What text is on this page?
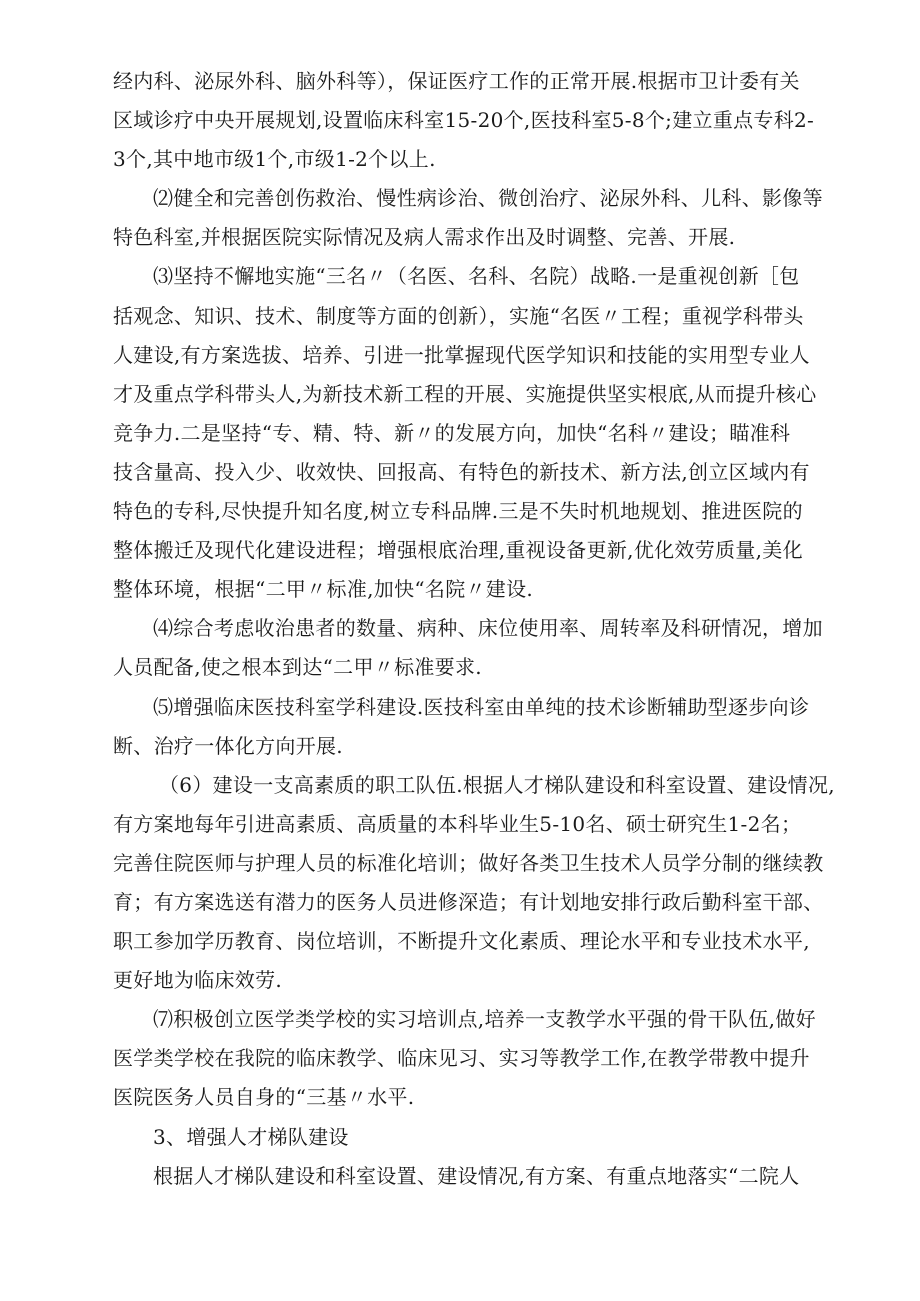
经内科、泌尿外科、脑外科等），保证医疗工作的正常开展.根据市卫计委有关
区域诊疗中央开展规划,设置临床科室15-20个,医技科室5-8个;建立重点专科2-
3个,其中地市级1个,市级1-2个以上.

⑵健全和完善创伤救治、慢性病诊治、微创治疗、泌尿外科、儿科、影像等
特色科室,并根据医院实际情况及病人需求作出及时调整、完善、开展.

⑶坚持不懈地实施“三名〃（名医、名科、名院）战略.一是重视创新［包
括观念、知识、技术、制度等方面的创新），实施“名医〃工程；重视学科带头
人建设,有方案选拔、培养、引进一批掌握现代医学知识和技能的实用型专业人
才及重点学科带头人,为新技术新工程的开展、实施提供坚实根底,从而提升核心
竞争力.二是坚持“专、精、特、新〃的发展方向，加快“名科〃建设；瞄准科
技含量高、投入少、收效快、回报高、有特色的新技术、新方法,创立区域内有
特色的专科,尽快提升知名度,树立专科品牌.三是不失时机地规划、推进医院的
整体搬迁及现代化建设进程；增强根底治理,重视设备更新,优化效劳质量,美化
整体环境，根据“二甲〃标准,加快“名院〃建设.

⑷综合考虑收治患者的数量、病种、床位使用率、周转率及科研情况，增加
人员配备,使之根本到达“二甲〃标准要求.

⑸增强临床医技科室学科建设.医技科室由单纯的技术诊断辅助型逐步向诊
断、治疗一体化方向开展.

（6）建设一支高素质的职工队伍.根据人才梯队建设和科室设置、建设情况,
有方案地每年引进高素质、高质量的本科毕业生5-10名、硕士研究生1-2名；
完善住院医师与护理人员的标准化培训；做好各类卫生技术人员学分制的继续教
育；有方案选送有潜力的医务人员进修深造；有计划地安排行政后勤科室干部、
职工参加学历教育、岗位培训，不断提升文化素质、理论水平和专业技术水平,
更好地为临床效劳.

⑺积极创立医学类学校的实习培训点,培养一支教学水平强的骨干队伍,做好
医学类学校在我院的临床教学、临床见习、实习等教学工作,在教学带教中提升
医院医务人员自身的“三基〃水平.

3、增强人才梯队建设

根据人才梯队建设和科室设置、建设情况,有方案、有重点地落实“二院人
